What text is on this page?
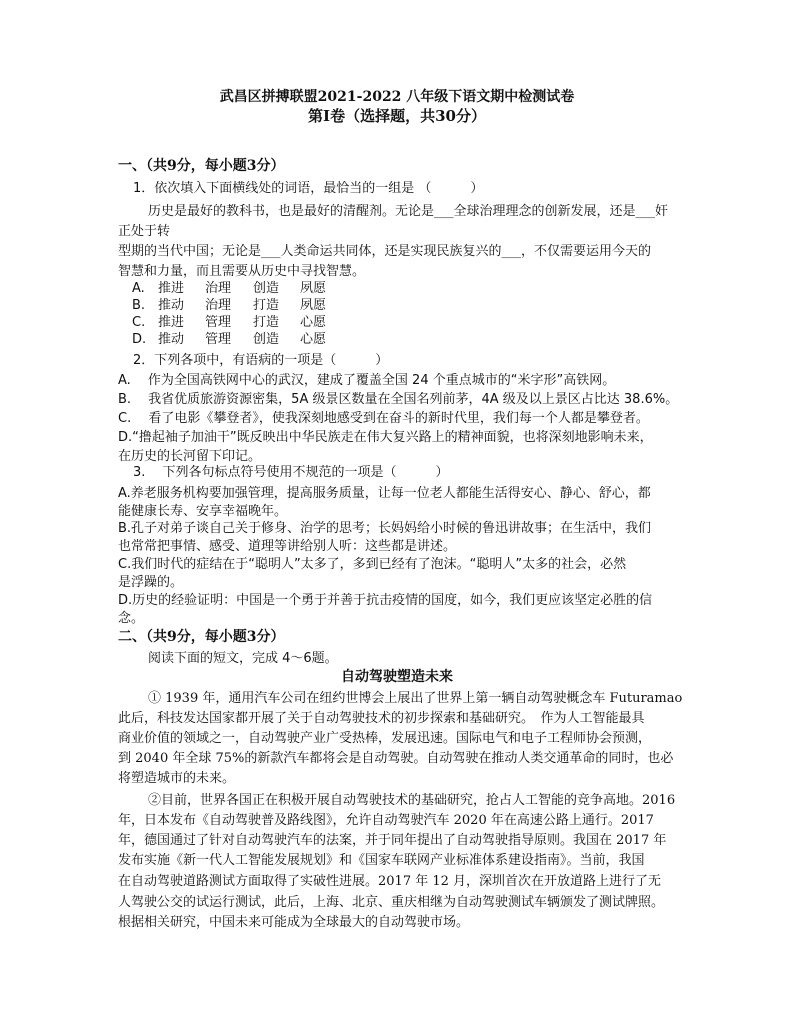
武昌区拼搏联盟2021-2022 八年级下语文期中检测试卷
第Ⅰ卷（选择题，共30分）
一、（共9分，每小题3分）
1．依次填入下面横线处的词语，最恰当的一组是 （　　　）
历史是最好的教科书，也是最好的清醒剂。无论是___全球治理理念的创新发展，还是___奸
正处于转
型期的当代中国；无论是___人类命运共同体，还是实现民族复兴的___，不仅需要运用今天的
智慧和力量，而且需要从历史中寻找智慧。
A. 推进 治理 创造 夙愿
B. 推动 治理 打造 夙愿
C. 推进 管理 打造 心愿
D. 推动 管理 创造 心愿
2．下列各项中，有语病的一项是（　　　）
A.　 作为全国高铁网中心的武汉，建成了覆盖全国 24 个重点城市的“米字形”高铁网。
B.　 我省优质旅游资源密集，5A 级景区数量在全国名列前茅，4A 级及以上景区占比达 38.6%。
C.　 看了电影《攀登者》，使我深刻地感受到在奋斗的新时代里，我们每一个人都是攀登者。
D.“撸起袖子加油干”既反映出中华民族走在伟大复兴路上的精神面貌，也将深刻地影响未来，
在历史的长河留下印记。
3.　 下列各句标点符号使用不规范的一项是（　　　）
A.养老服务机构要加强管理，提高服务质量，让每一位老人都能生活得安心、静心、舒心，都
能健康长寿、安享幸福晚年。
B.孔子对弟子谈自己关于修身、治学的思考；长妈妈给小时候的鲁迅讲故事；在生活中，我们
也常常把事情、感受、道理等讲给别人听：这些都是讲述。
C.我们时代的症结在于“聪明人”太多了，多到已经有了泡沫。“聪明人”太多的社会，必然
是浮躁的。
D.历史的经验证明：中国是一个勇于并善于抗击疫情的国度，如今，我们更应该坚定必胜的信
念。
二、（共9分，每小题3分）
阅读下面的短文，完成 4～6题。
自动驾驶塑造未来
① 1939 年，通用汽车公司在纽约世博会上展出了世界上第一辆自动驾驶概念车 Futuramao
此后，科技发达国家都开展了关于自动驾驶技术的初步探索和基础研究。　作为人工智能最具
商业价值的领域之一，自动驾驶产业广受热棒，发展迅速。国际电气和电子工程师协会预测，
到 2040 年全球 75%的新款汽车都将会是自动驾驶。自动驾驶在推动人类交通革命的同时，也必
将塑造城市的未来。
②目前，世界各国正在积极开展自动驾驶技术的基础研究，抢占人工智能的竞争高地。2016
年，日本发布《自动驾驶普及路线图》，允许自动驾驶汽车 2020 年在高速公路上通行。2017
年，德国通过了针对自动驾驶汽车的法案，并于同年提出了自动驾驶指导原则。我国在 2017 年
发布实施《新一代人工智能发展规划》和《国家车联网产业标准体系建设指南》。当前，我国
在自动驾驶道路测试方面取得了实破性进展。2017 年 12 月，深圳首次在开放道路上进行了无
人驾驶公交的试运行测试，此后，上海、北京、重庆相继为自动驾驶测试车辆颁发了测试牌照。
根据相关研究，中国未来可能成为全球最大的自动驾驶市场。
